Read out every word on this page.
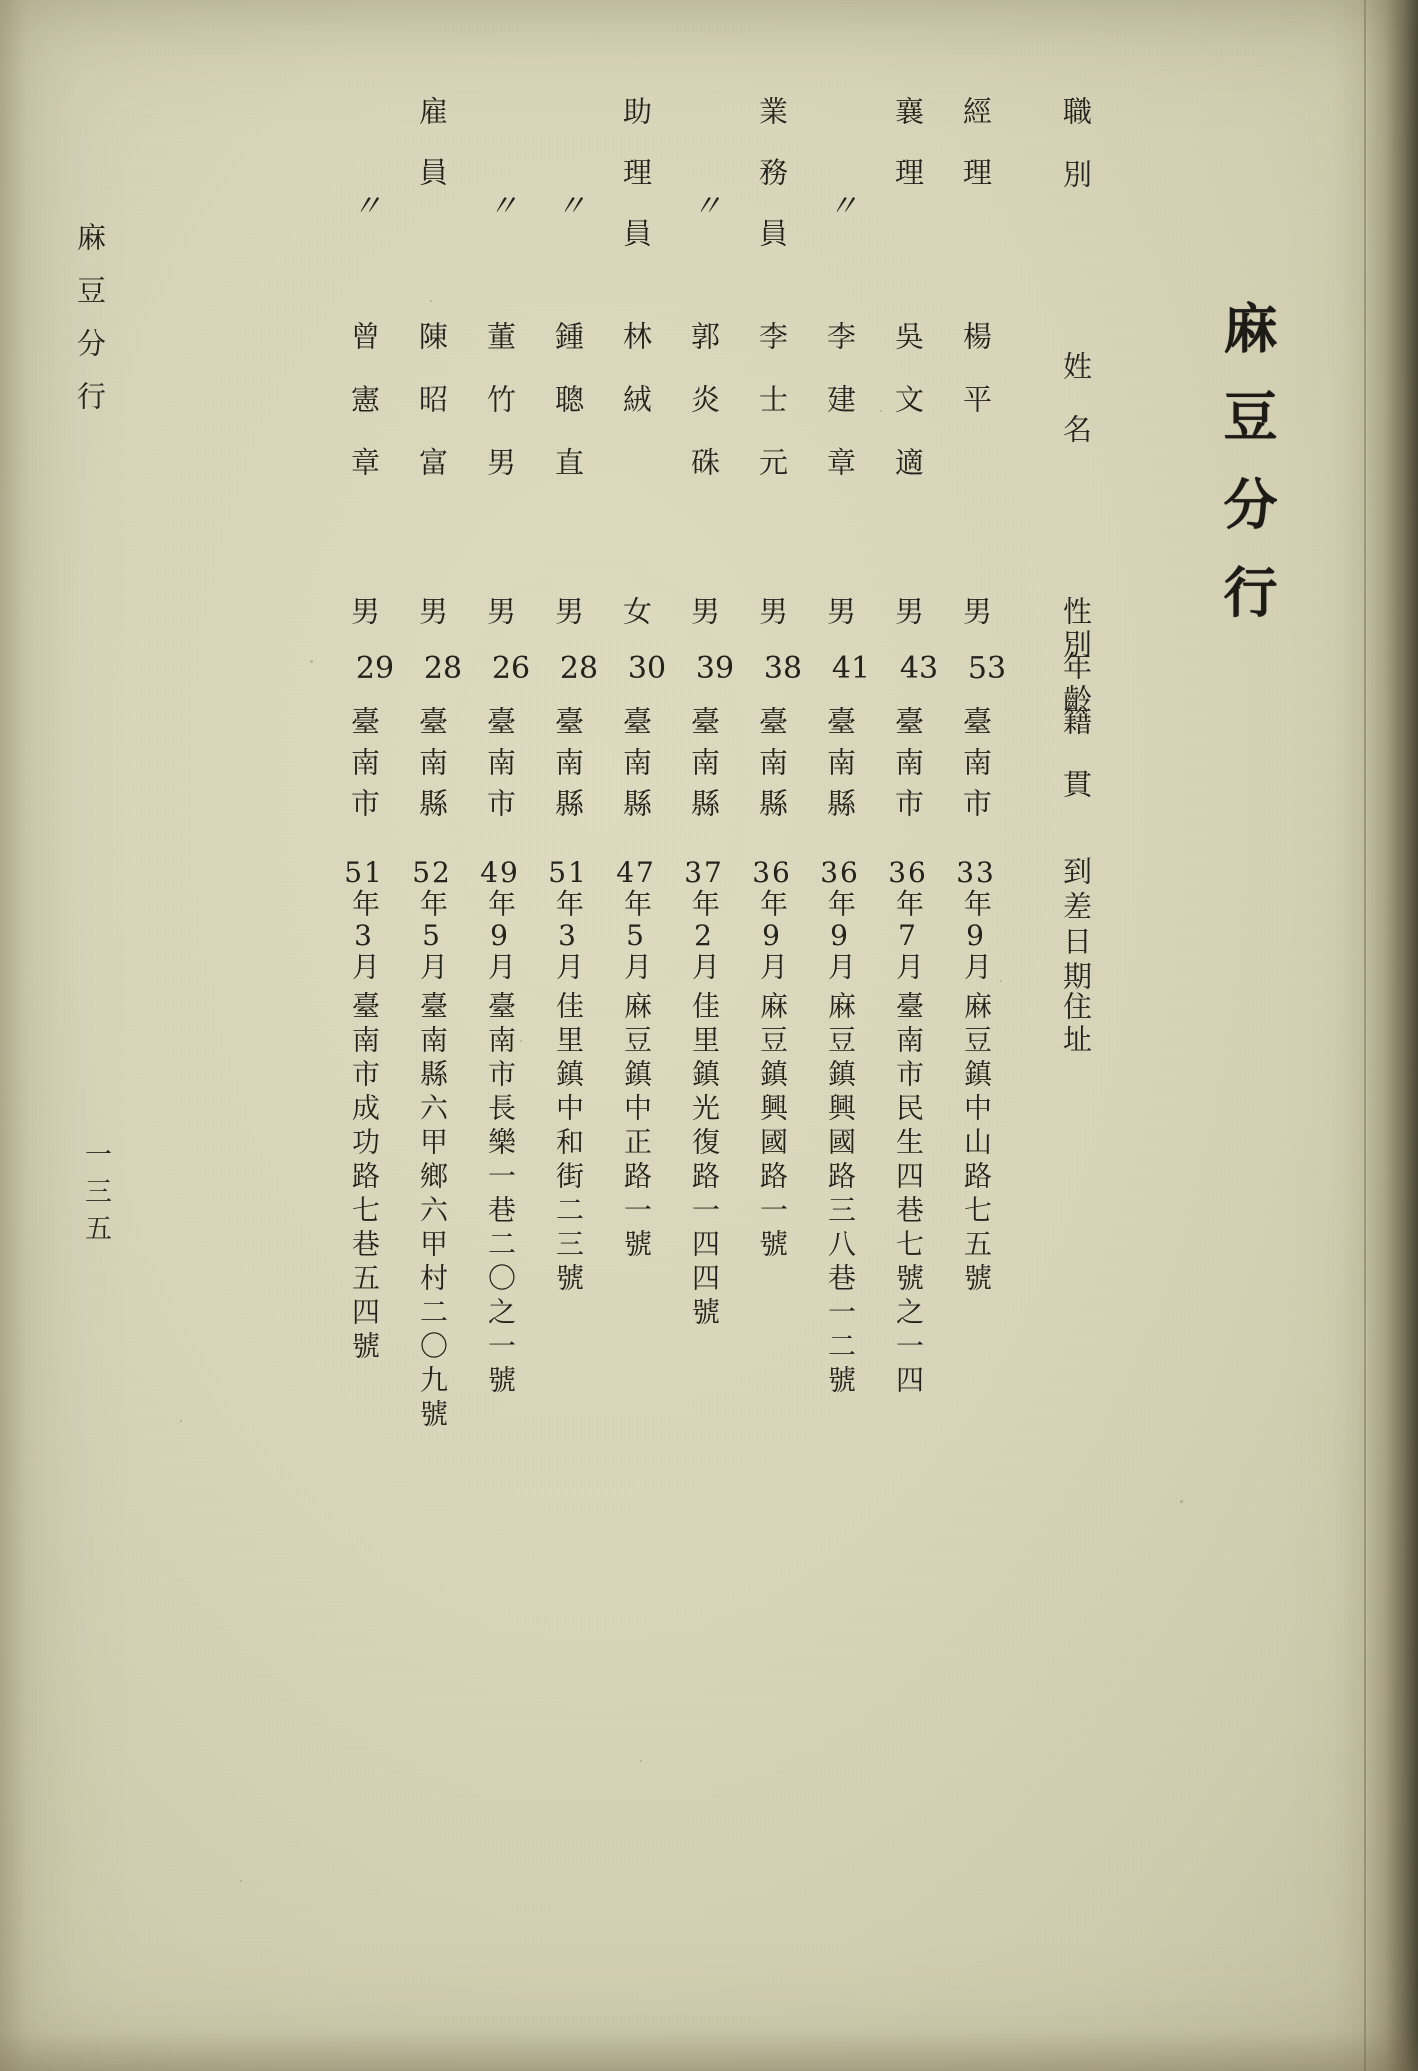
麻豆分行
職別
姓名
性別
年齡
籍貫
到差日期
住址
經理
楊平
男
53
臺南市
33年9月
麻豆鎮中山路七五號
襄理
吳文適
男
43
臺南市
36年7月
臺南市民生四巷七號之一四
〃
李建章
男
41
臺南縣
36年9月
麻豆鎮興國路三八巷一二號
業務員
李士元
男
38
臺南縣
36年9月
麻豆鎮興國路一號
〃
郭炎硃
男
39
臺南縣
37年2月
佳里鎮光復路一四四號
助理員
林絨
女
30
臺南縣
47年5月
麻豆鎮中正路一號
〃
鍾聰直
男
28
臺南縣
51年3月
佳里鎮中和街二三號
〃
董竹男
男
26
臺南市
49年9月
臺南市長樂一巷二〇之一號
雇員
陳昭富
男
28
臺南縣
52年5月
臺南縣六甲鄉六甲村二〇九號
〃
曾憲章
男
29
臺南市
51年3月
臺南市成功路七巷五四號
麻豆分行
一三五
